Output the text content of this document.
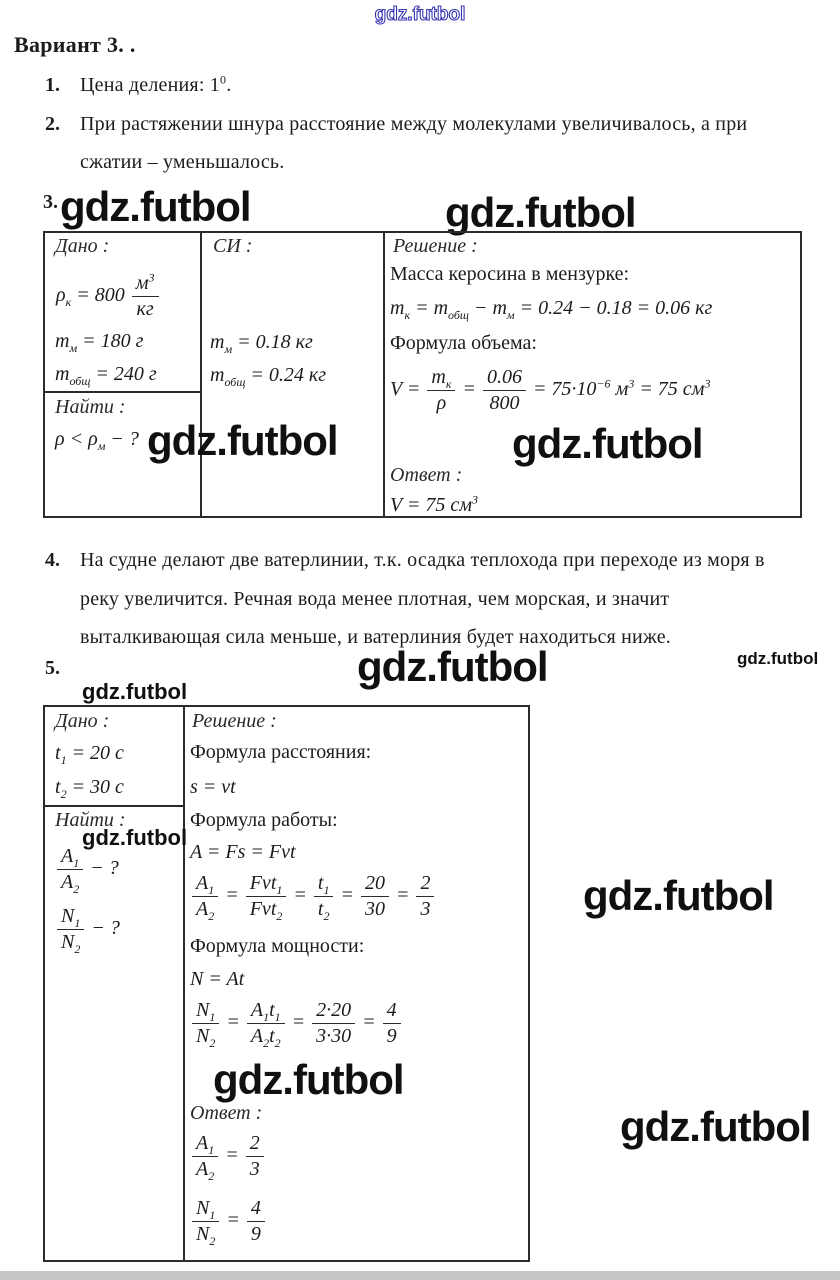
gdz.futbol
Вариант 3. .
1. Цена деления: $1^0$.
2. При растяжении шнура расстояние между молекулами увеличивалось, а при
сжатии – уменьшалось.
3. gdz.futbol	gdz.futbol
Дано :
$\rho_к = 800$
$м^3$
кг
$m_м = 180$ г
$m_{общ} = 240$ г
Найти :
$\rho < \rho_м$ − ?
СИ :
$m_м = 0.18$ кг
$m_{общ} = 0.24$ кг
Решение :
Масса керосина в мензурке:
$m_к = m_{общ} - m_м = 0.24 - 0.18 = 0.06$ кг
Формула объема:
V =
$m_к$
ρ
= $\frac{0.06}{800} = 75\cdot 10^{-6}$ $м^3 = 75$ $см^3$
Ответ :
V = 75 $см^3$
gdz.futbol	gdz.futbol
4. На судне делают две ватерлинии, т.к. осадка теплохода при переходе из моря в
реку увеличится. Речная вода менее плотная, чем морская, и значит
выталкивающая сила меньше, и ватерлиния будет находиться ниже.
5.	gdz.futbol	gdz.futbol
gdz.futbol
Дано :
$t_1 = 20$ с
$t_2 = 30$ с
Найти :
gdz.futbol
$\frac{A_1}{A_2}$ − ?
$\frac{N_1}{N_2}$ − ?
Решение :
Формула расстояния:
s = vt
Формула работы:
A = Fs = Fvt
$\frac{A_1}{A_2}$ =
Fvt$_1$
Fvt$_2$
= $\frac{t_1}{t_2} = \frac{20}{30} = \frac{2}{3}$
Формула мощности:
N = At
$\frac{N_1}{N_2} = \frac{A_1t_1}{A_2t_2} = \frac{2\cdot 20}{3\cdot 30} = \frac{4}{9}$
gdz.futbol
Ответ :
$\frac{A_1}{A_2} = \frac{2}{3}$
$\frac{N_1}{N_2} = \frac{4}{9}$
gdz.futbol
gdz.futbol
